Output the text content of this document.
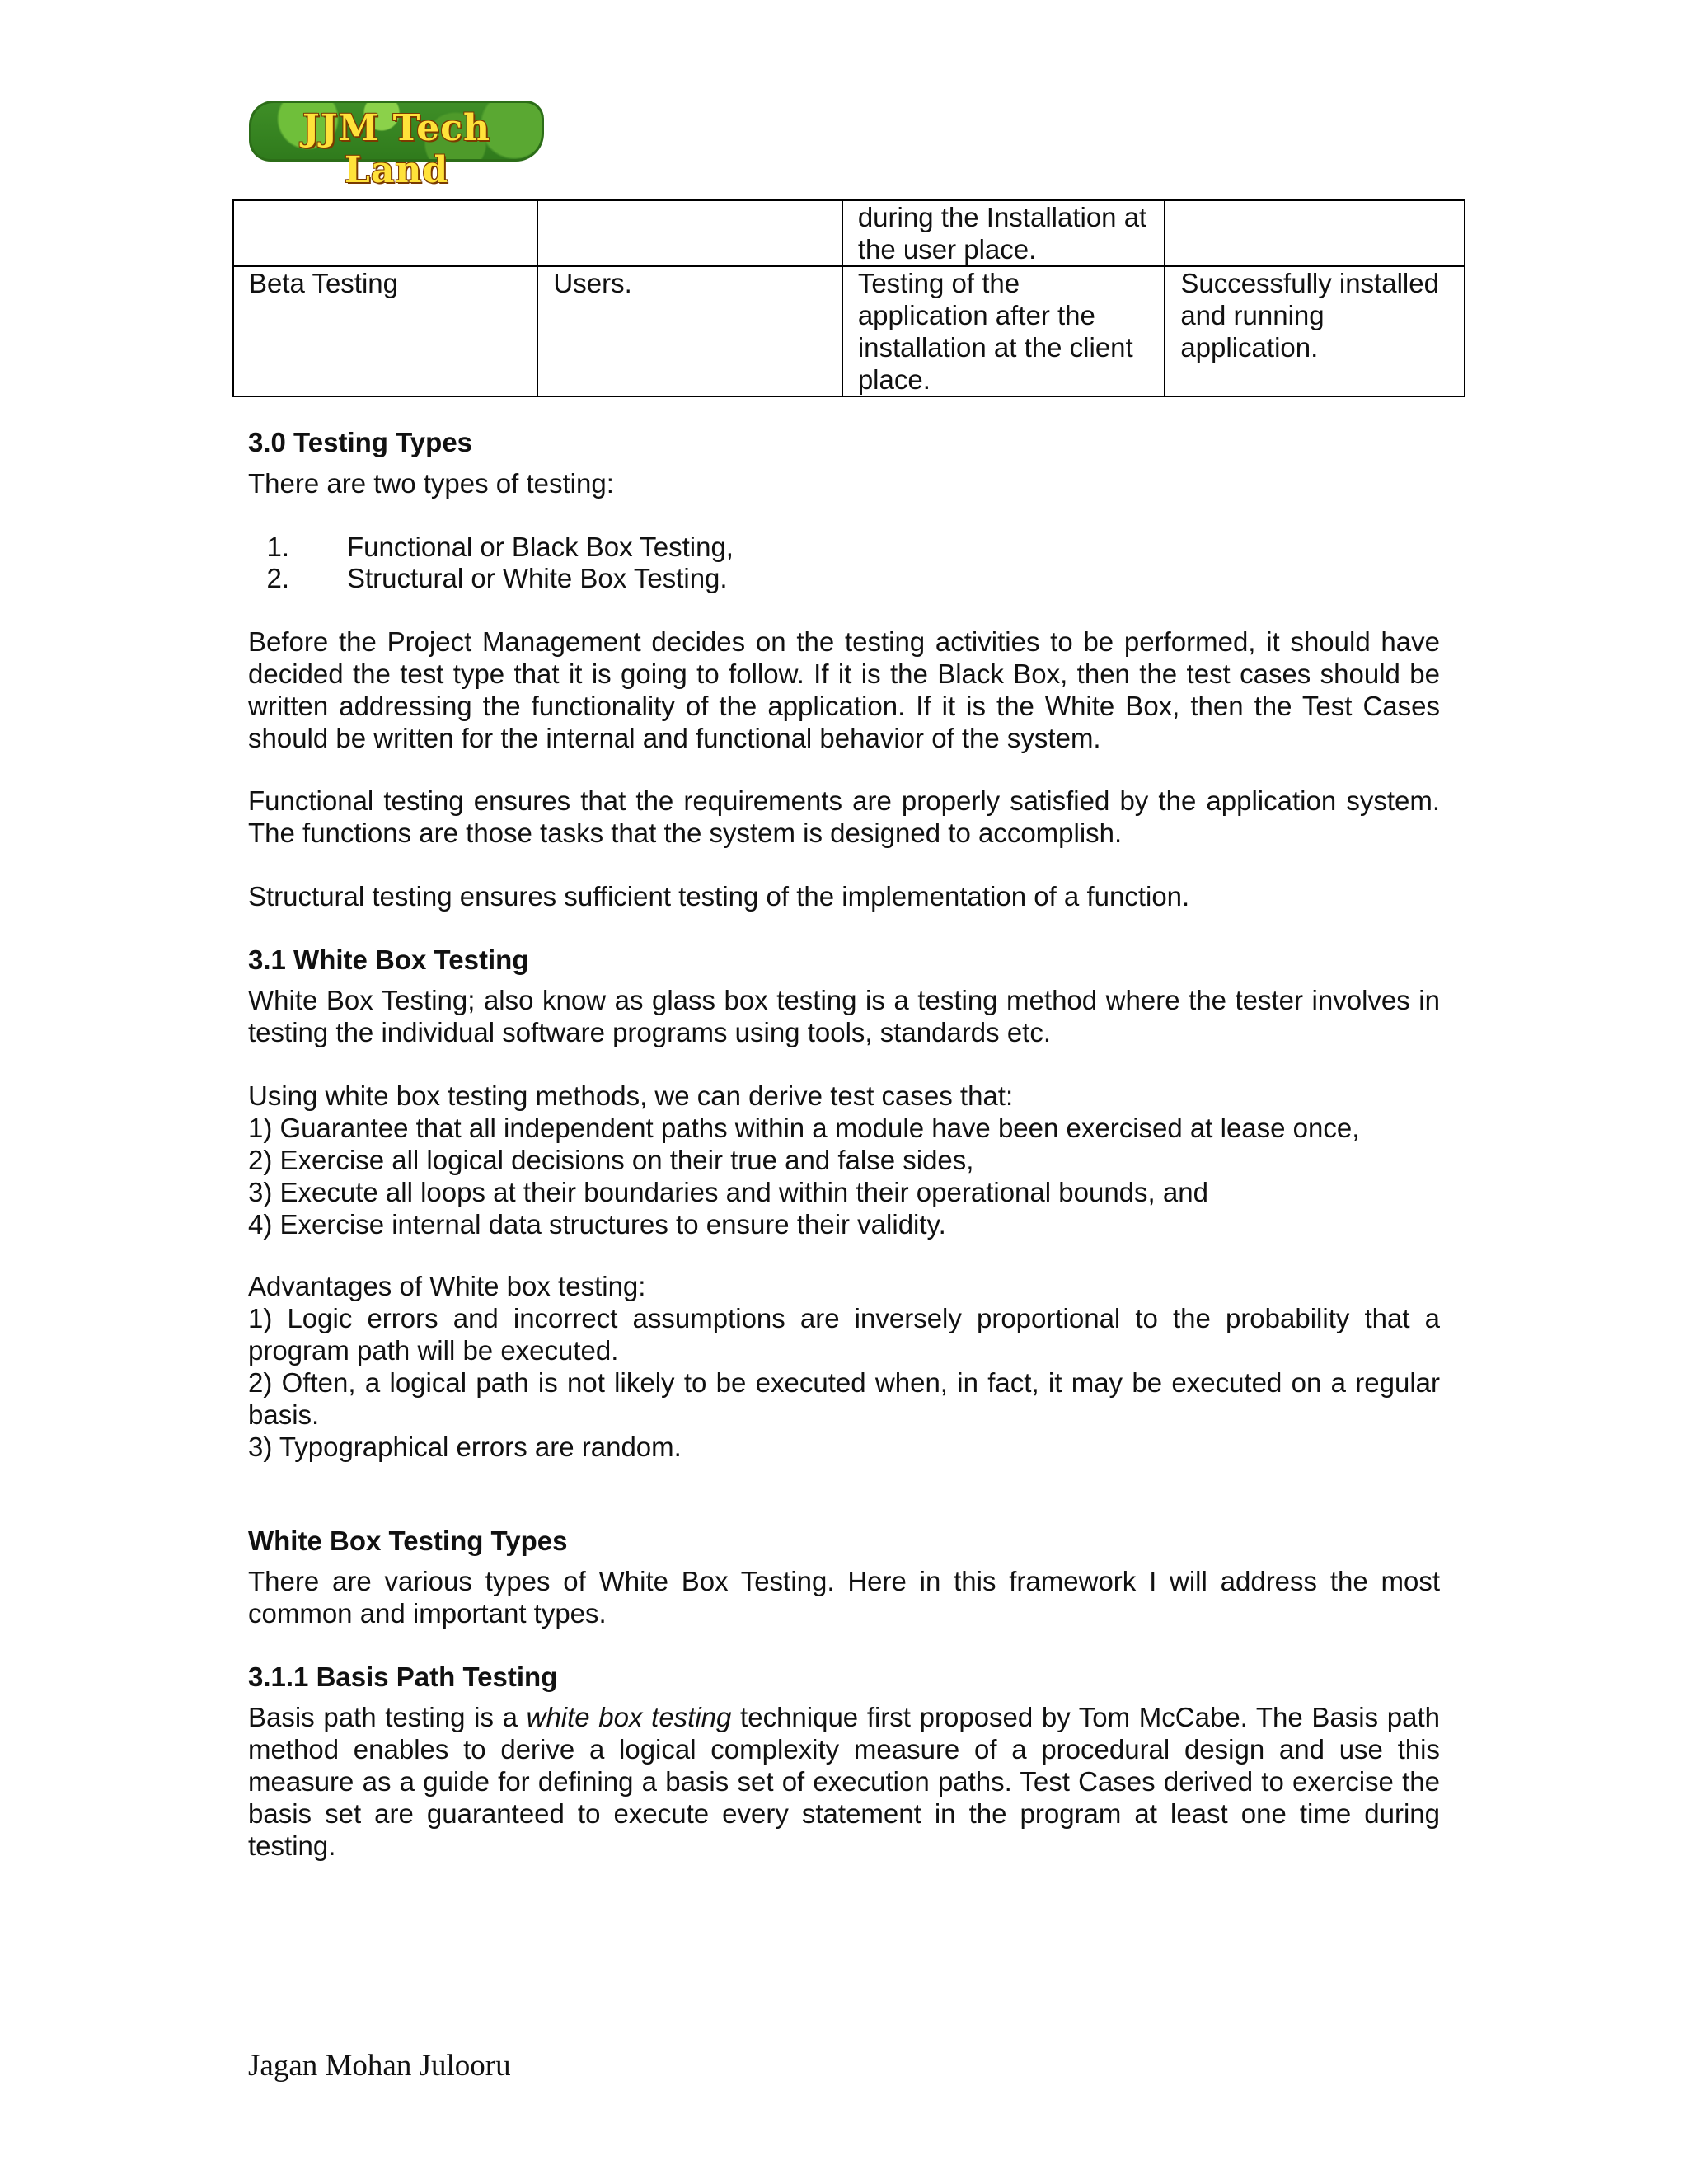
JJM Tech Land
		during the Installation at the user place.	
Beta Testing	Users.	Testing of the application after the installation at the client place.	Successfully installed and running application.

3.0 Testing Types

There are two types of testing:

1. Functional or Black Box Testing,
2. Structural or White Box Testing.

Before the Project Management decides on the testing activities to be performed, it should have decided the test type that it is going to follow. If it is the Black Box, then the test cases should be written addressing the functionality of the application. If it is the White Box, then the Test Cases should be written for the internal and functional behavior of the system.

Functional testing ensures that the requirements are properly satisfied by the application system. The functions are those tasks that the system is designed to accomplish.

Structural testing ensures sufficient testing of the implementation of a function.

3.1 White Box Testing

White Box Testing; also know as glass box testing is a testing method where the tester involves in testing the individual software programs using tools, standards etc.

Using white box testing methods, we can derive test cases that:

1) Guarantee that all independent paths within a module have been exercised at lease once,

2) Exercise all logical decisions on their true and false sides,

3) Execute all loops at their boundaries and within their operational bounds, and

4) Exercise internal data structures to ensure their validity.

Advantages of White box testing:

1) Logic errors and incorrect assumptions are inversely proportional to the probability that a program path will be executed.

2) Often, a logical path is not likely to be executed when, in fact, it may be executed on a regular basis.

3) Typographical errors are random.

White Box Testing Types

There are various types of White Box Testing. Here in this framework I will address the most common and important types.

3.1.1 Basis Path Testing

Basis path testing is a white box testing technique first proposed by Tom McCabe. The Basis path method enables to derive a logical complexity measure of a procedural design and use this measure as a guide for defining a basis set of execution paths. Test Cases derived to exercise the basis set are guaranteed to execute every statement in the program at least one time during testing.

Jagan Mohan Julooru
